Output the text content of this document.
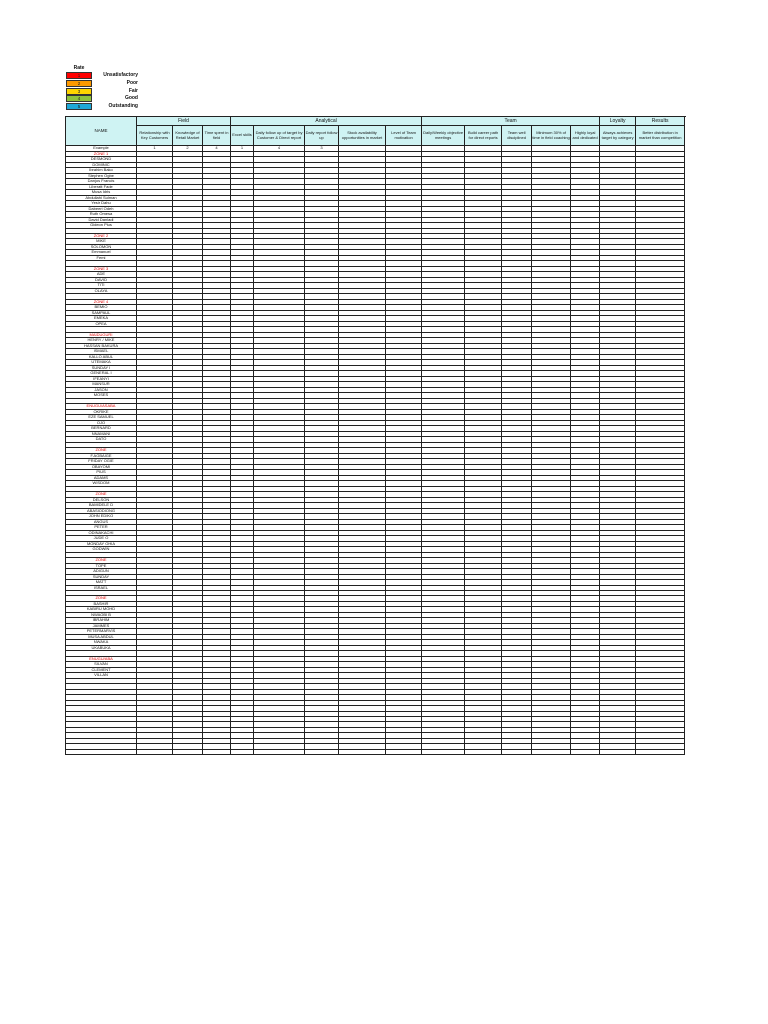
Rate
1	Unsatisfactory
2	Poor
3	Fair
4	Good
5	Outstanding
NAME	Field			Analytical					Team					Loyalty	Results
	Relationship with Key Customers	Knowledge of Retail Market	Time spent in field	Excel skills	Daily follow up of target by Customer & Direct report	Daily report follow up	Stock availability opportunities in market	Level of Team motivation	Daily/Weekly objective meetings	Build career path for direct reports	Team well disciplined	Minimum 30% of time in field coaching	Highly loyal and dedicated	Always achieves target by category	Better distribution in market than competition
Example	1	2	4	1	4	3									
ZONE 1															
DESMOND															
DOMINIC															
Ibrahim Bako															
Stephen Ogbe															
Danjos Francis															
Liberatt Fade															
Musa Idris															
Abdullahi Sulman															
Yesir Dahu															
Dabeeri Odeh															
Ruth Omesa															
David Danladi															
Gideon Pius															

ZONE 2															
MIKE															
SOLOMON															
Emmanuel															
Femi															

ZONE 3															
ADE															
DAVID															
TITI															
OLAYA															

ZONE 4															
BEMIO															
SAMPAUL															
EMEKA															
OPEA															

MAIDUGURI															
HENRY / MIKE															
HASSAN BAKURA															
ISMAEL															
KALLO ABUL															
UTEMAKA															
SUNDAY I															
GENERAL I															
IFEANYI															
MANSUR															
JASON															
MOSES															

ENUGU/ASABA															
OKRIKE															
EZE SAMUEL															
OJO															
BERNARD															
NNAMANI															
DATO															

ZONE															
F.AGBAIGE															
FRIDAY OGIE															
OBAYOMI															
PIUS															
ADAMS															
WISDOM															

ZONE															
DELSON															
BAMIDELE D															
ABASIODIONG															
JOHN EDIKO															
ANGUS															
PETER															
ODINAKACHI															
JUDE O															
MONDAY OHIA															
GODWIN															

ZONE															
TOPE															
ADIGUN															
SUNDAY															
MATT															
ISRAEL															

ZONE															
BASHIR															
KABIRU MOHD															
NWAOBI B															
IBRAHIM															
JAMMES															
PETERMARVIS															
MUSA ABDUL															
NWAKA															
UKABUKA															

ENUGU/ABA															
SILVAN															
CLEMENT															
VILLAN															
